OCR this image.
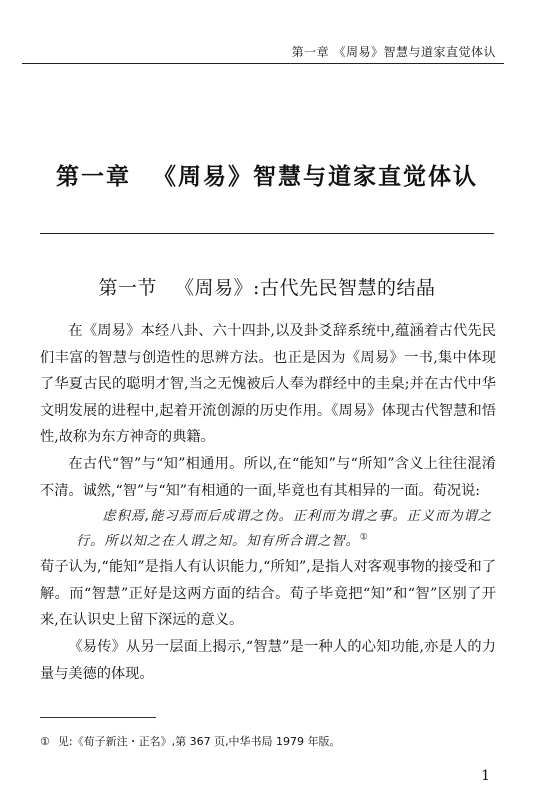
第一章 《周易》智慧与道家直觉体认
第一章 《周易》智慧与道家直觉体认
第一节 《周易》:古代先民智慧的结晶

在《周易》本经八卦、六十四卦,以及卦爻辞系统中,蕴涵着古代先民们丰富的智慧与创造性的思辨方法。也正是因为《周易》一书,集中体现了华夏古民的聪明才智,当之无愧被后人奉为群经中的圭臬;并在古代中华文明发展的进程中,起着开流创源的历史作用。《周易》体现古代智慧和悟性,故称为东方神奇的典籍。

在古代“智”与“知”相通用。所以,在“能知”与“所知”含义上往往混淆不清。诚然,“智”与“知”有相通的一面,毕竟也有其相异的一面。荀况说:

虑积焉,能习焉而后成谓之伪。正利而为谓之事。正义而为谓之行。所以知之在人谓之知。知有所合谓之智。①

荀子认为,“能知”是指人有认识能力,“所知”,是指人对客观事物的接受和了解。而“智慧”正好是这两方面的结合。荀子毕竟把“知”和“智”区别了开来,在认识史上留下深远的意义。

《易传》从另一层面上揭示,“智慧”是一种人的心知功能,亦是人的力量与美德的体现。

① 见:《荀子新注・正名》,第 367 页,中华书局 1979 年版。
1
